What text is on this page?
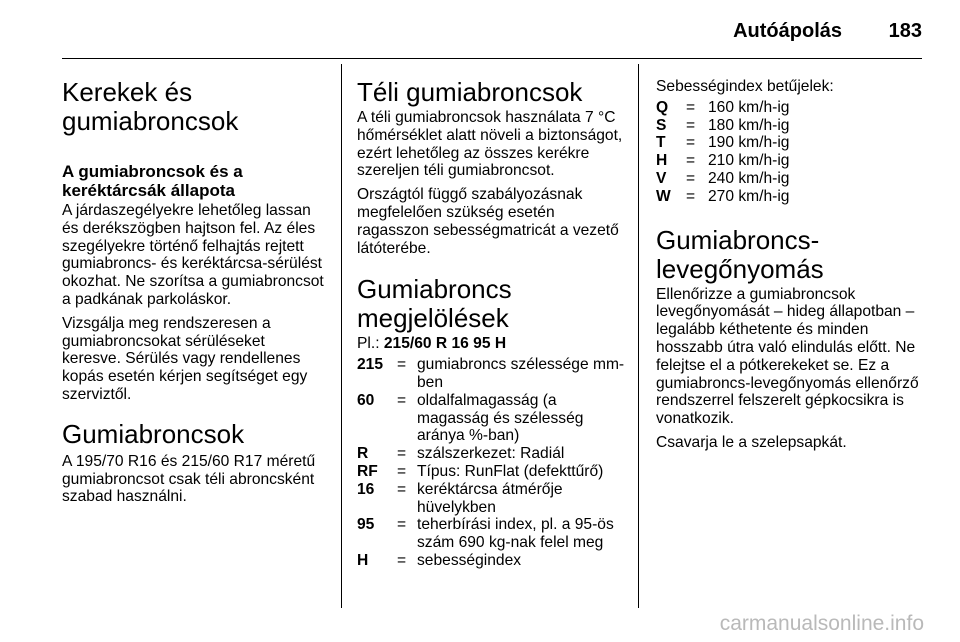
Autóápolás 183
Kerekek és gumiabroncsok
A gumiabroncsok és a keréktárcsák állapota

A járdaszegélyekre lehetőleg lassan és derékszögben hajtson fel. Az éles szegélyekre történő felhajtás rejtett gumiabroncs- és keréktárcsa-sérülést okozhat. Ne szorítsa a gumiabroncsot a padkának parkoláskor.

Vizsgálja meg rendszeresen a gumiabroncsokat sérüléseket keresve. Sérülés vagy rendellenes kopás esetén kérjen segítséget egy szerviztől.

Gumiabroncsok

A 195/70 R16 és 215/60 R17 méretű gumiabroncsot csak téli abroncsként szabad használni.

Téli gumiabroncsok

A téli gumiabroncsok használata 7 °C hőmérséklet alatt növeli a biztonságot, ezért lehetőleg az összes kerékre szereljen téli gumiabroncsot.

Országtól függő szabályozásnak megfelelően szükség esetén ragasszon sebességmatricát a vezető látóterébe.

Gumiabroncs megjelölések

Pl.: 215/60 R 16 95 H

215 = gumiabroncs szélessége mm-ben
60	= oldalfalmagasság (a magasság és szélesség aránya %-ban)
R	= szálszerkezet: Radiál
RF	= Típus: RunFlat (defekttűrő)
16	= keréktárcsa átmérője hüvelykben
95	= teherbírási index, pl. a 95-ös szám 690 kg-nak felel meg
H	= sebességindex

Sebességindex betűjelek:

Q	= 160 km/h-ig
S	= 180 km/h-ig
T	= 190 km/h-ig
H	= 210 km/h-ig
V	= 240 km/h-ig
W = 270 km/h-ig
Gumiabroncs-levegőnyomás

Ellenőrizze a gumiabroncsok levegőnyomását – hideg állapotban – legalább kéthetente és minden hosszabb útra való elindulás előtt. Ne felejtse el a pótkerekeket se. Ez a gumiabroncs-levegőnyomás ellenőrző rendszerrel felszerelt gépkocsikra is vonatkozik.

Csavarja le a szelepsapkát.

carmanualsonline.info
